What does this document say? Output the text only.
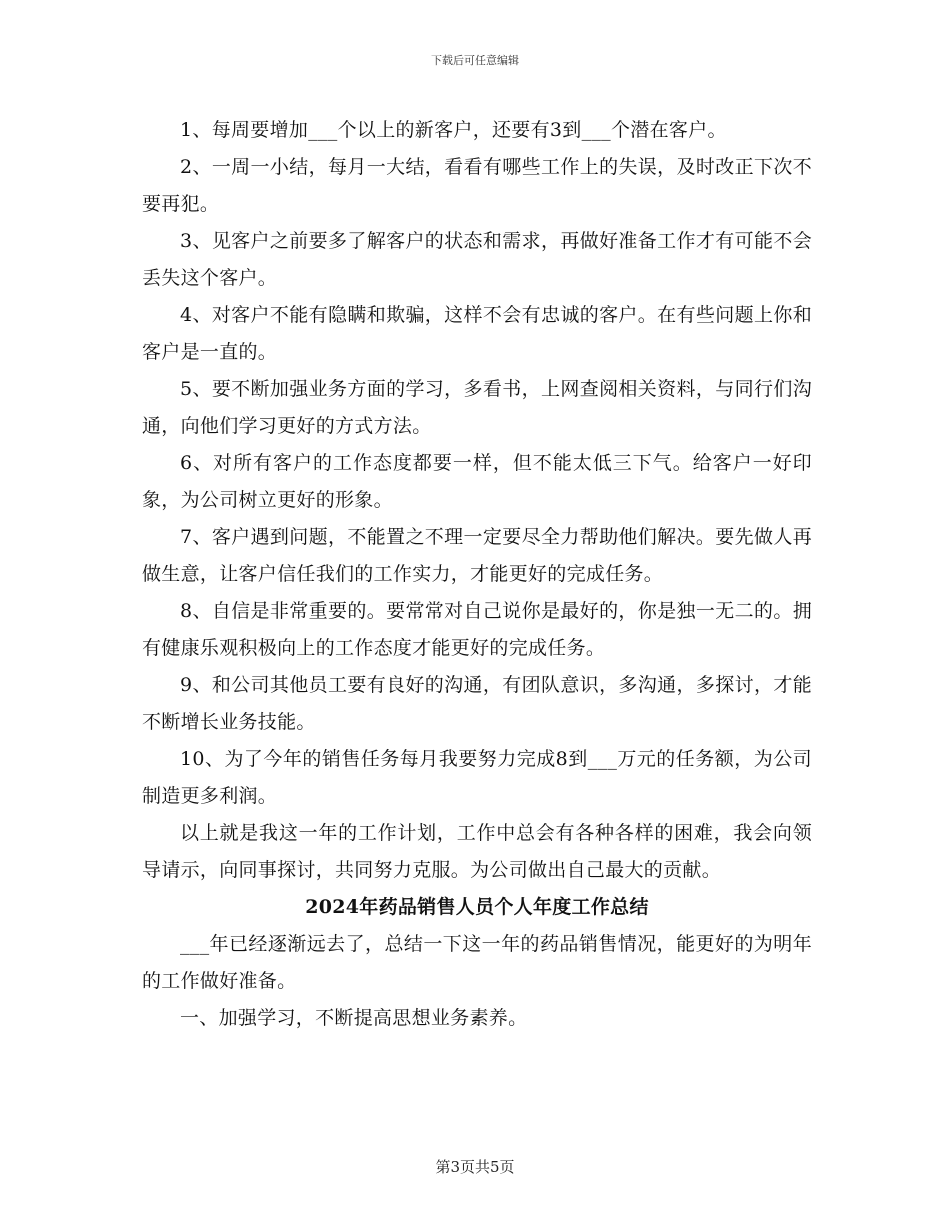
下载后可任意编辑

1、每周要增加___个以上的新客户，还要有3到___个潜在客户。

2、一周一小结，每月一大结，看看有哪些工作上的失误，及时改正下次不要再犯。

3、见客户之前要多了解客户的状态和需求，再做好准备工作才有可能不会丢失这个客户。

4、对客户不能有隐瞒和欺骗，这样不会有忠诚的客户。在有些问题上你和客户是一直的。

5、要不断加强业务方面的学习，多看书，上网查阅相关资料，与同行们沟通，向他们学习更好的方式方法。

6、对所有客户的工作态度都要一样，但不能太低三下气。给客户一好印象，为公司树立更好的形象。

7、客户遇到问题，不能置之不理一定要尽全力帮助他们解决。要先做人再做生意，让客户信任我们的工作实力，才能更好的完成任务。

8、自信是非常重要的。要常常对自己说你是最好的，你是独一无二的。拥有健康乐观积极向上的工作态度才能更好的完成任务。

9、和公司其他员工要有良好的沟通，有团队意识，多沟通，多探讨，才能不断增长业务技能。

10、为了今年的销售任务每月我要努力完成8到___万元的任务额，为公司制造更多利润。

以上就是我这一年的工作计划，工作中总会有各种各样的困难，我会向领导请示，向同事探讨，共同努力克服。为公司做出自己最大的贡献。

2024年药品销售人员个人年度工作总结

___年已经逐渐远去了，总结一下这一年的药品销售情况，能更好的为明年的工作做好准备。

一、加强学习，不断提高思想业务素养。

第3页共5页
